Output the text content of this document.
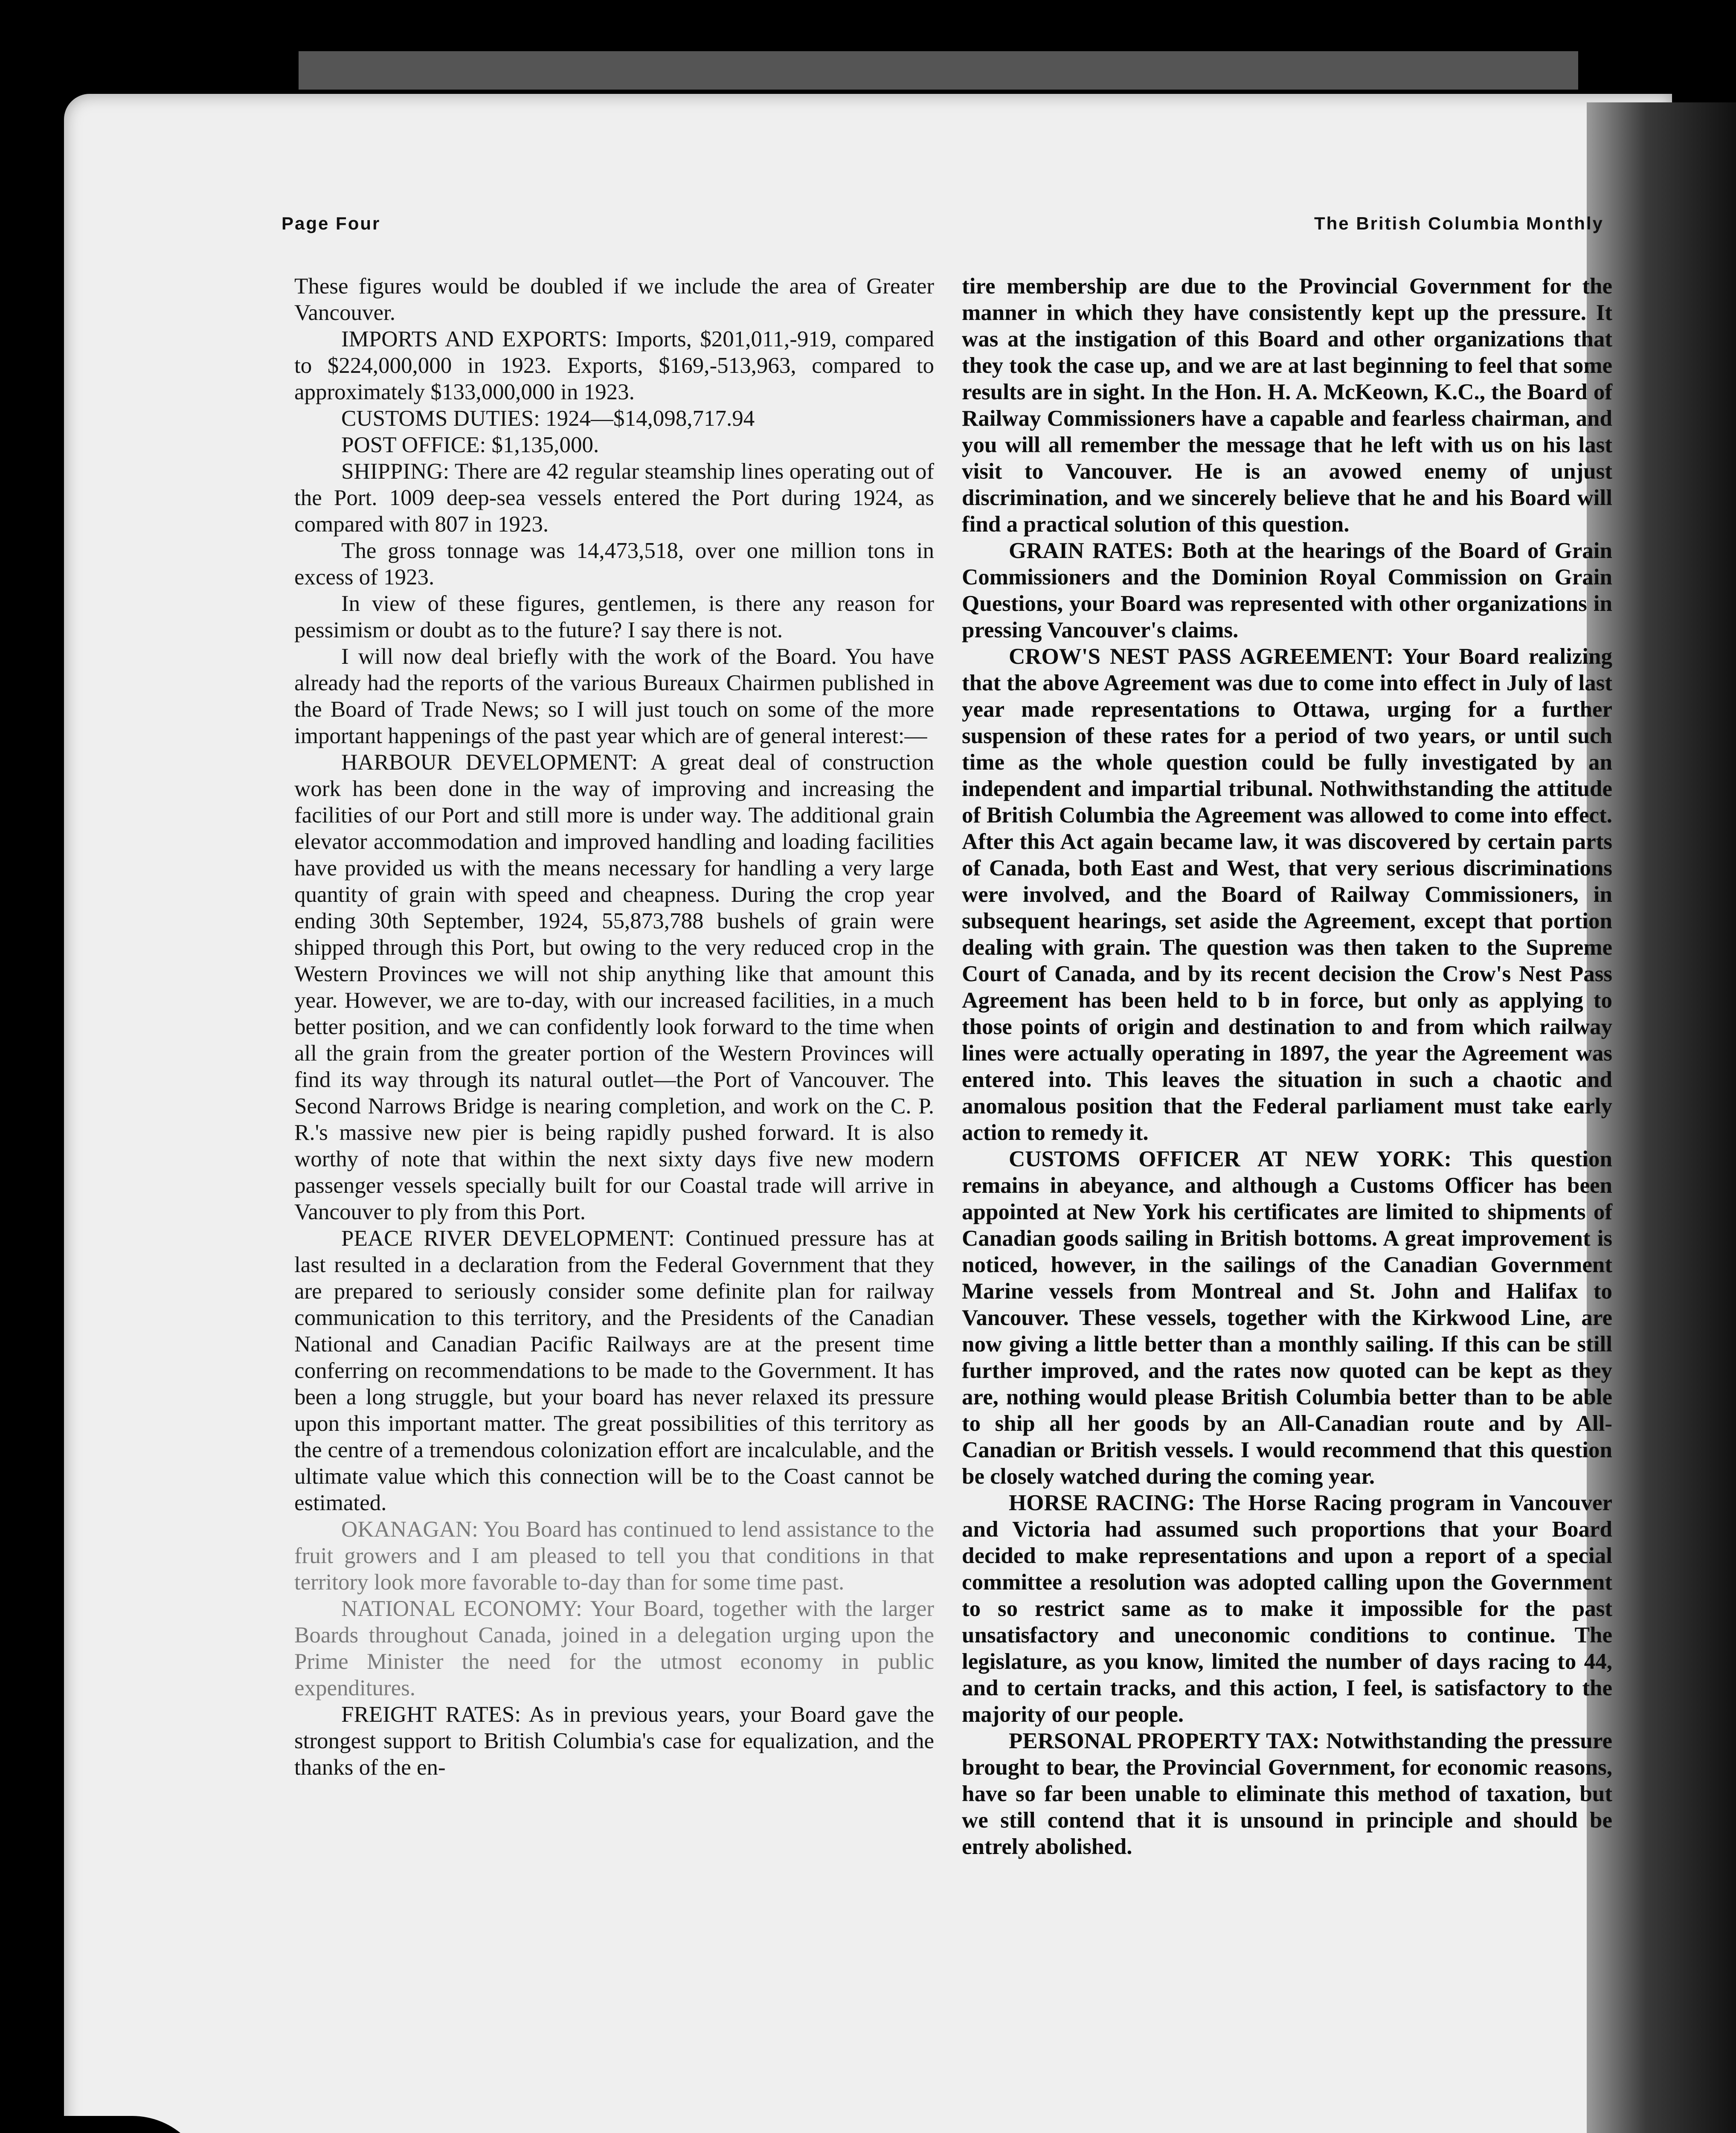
Page Four	The British Columbia Monthly

These figures would be doubled if we include the area of Greater Vancouver.

IMPORTS AND EXPORTS: Imports, $201,011,-919, compared to $224,000,000 in 1923. Exports, $169,-513,963, compared to approximately $133,000,000 in 1923.

CUSTOMS DUTIES: 1924—$14,098,717.94

POST OFFICE: $1,135,000.

SHIPPING: There are 42 regular steamship lines operating out of the Port. 1009 deep-sea vessels entered the Port during 1924, as compared with 807 in 1923.

The gross tonnage was 14,473,518, over one million tons in excess of 1923.

In view of these figures, gentlemen, is there any reason for pessimism or doubt as to the future? I say there is not.

I will now deal briefly with the work of the Board. You have already had the reports of the various Bureaux Chairmen published in the Board of Trade News; so I will just touch on some of the more important happenings of the past year which are of general interest:—

HARBOUR DEVELOPMENT: A great deal of construction work has been done in the way of improving and increasing the facilities of our Port and still more is under way. The additional grain elevator accommodation and improved handling and loading facilities have provided us with the means necessary for handling a very large quantity of grain with speed and cheapness. During the crop year ending 30th September, 1924, 55,873,788 bushels of grain were shipped through this Port, but owing to the very reduced crop in the Western Provinces we will not ship anything like that amount this year. However, we are to-day, with our increased facilities, in a much better position, and we can confidently look forward to the time when all the grain from the greater portion of the Western Provinces will find its way through its natural outlet—the Port of Vancouver. The Second Narrows Bridge is nearing completion, and work on the C. P. R.'s massive new pier is being rapidly pushed forward. It is also worthy of note that within the next sixty days five new modern passenger vessels specially built for our Coastal trade will arrive in Vancouver to ply from this Port.

PEACE RIVER DEVELOPMENT: Continued pressure has at last resulted in a declaration from the Federal Government that they are prepared to seriously consider some definite plan for railway communication to this territory, and the Presidents of the Canadian National and Canadian Pacific Railways are at the present time conferring on recommendations to be made to the Government. It has been a long struggle, but your board has never relaxed its pressure upon this important matter. The great possibilities of this territory as the centre of a tremendous colonization effort are incalculable, and the ultimate value which this connection will be to the Coast cannot be estimated.

OKANAGAN: You Board has continued to lend assistance to the fruit growers and I am pleased to tell you that conditions in that territory look more favorable to-day than for some time past.

NATIONAL ECONOMY: Your Board, together with the larger Boards throughout Canada, joined in a delegation urging upon the Prime Minister the need for the utmost economy in public expenditures.

FREIGHT RATES: As in previous years, your Board gave the strongest support to British Columbia's case for equalization, and the thanks of the en-

tire membership are due to the Provincial Government for the manner in which they have consistently kept up the pressure. It was at the instigation of this Board and other organizations that they took the case up, and we are at last beginning to feel that some results are in sight. In the Hon. H. A. McKeown, K.C., the Board of Railway Commissioners have a capable and fearless chairman, and you will all remember the message that he left with us on his last visit to Vancouver. He is an avowed enemy of unjust discrimination, and we sincerely believe that he and his Board will find a practical solution of this question.

GRAIN RATES: Both at the hearings of the Board of Grain Commissioners and the Dominion Royal Commission on Grain Questions, your Board was represented with other organizations in pressing Vancouver's claims.

CROW'S NEST PASS AGREEMENT: Your Board realizing that the above Agreement was due to come into effect in July of last year made representations to Ottawa, urging for a further suspension of these rates for a period of two years, or until such time as the whole question could be fully investigated by an independent and impartial tribunal. Nothwithstanding the attitude of British Columbia the Agreement was allowed to come into effect. After this Act again became law, it was discovered by certain parts of Canada, both East and West, that very serious discriminations were involved, and the Board of Railway Commissioners, in subsequent hearings, set aside the Agreement, except that portion dealing with grain. The question was then taken to the Supreme Court of Canada, and by its recent decision the Crow's Nest Pass Agreement has been held to b in force, but only as applying to those points of origin and destination to and from which railway lines were actually operating in 1897, the year the Agreement was entered into. This leaves the situation in such a chaotic and anomalous position that the Federal parliament must take early action to remedy it.

CUSTOMS OFFICER AT NEW YORK: This question remains in abeyance, and although a Customs Officer has been appointed at New York his certificates are limited to shipments of Canadian goods sailing in British bottoms. A great improvement is noticed, however, in the sailings of the Canadian Government Marine vessels from Montreal and St. John and Halifax to Vancouver. These vessels, together with the Kirkwood Line, are now giving a little better than a monthly sailing. If this can be still further improved, and the rates now quoted can be kept as they are, nothing would please British Columbia better than to be able to ship all her goods by an All-Canadian route and by All-Canadian or British vessels. I would recommend that this question be closely watched during the coming year.

HORSE RACING: The Horse Racing program in Vancouver and Victoria had assumed such proportions that your Board decided to make representations and upon a report of a special committee a resolution was adopted calling upon the Government to so restrict same as to make it impossible for the past unsatisfactory and uneconomic conditions to continue. The legislature, as you know, limited the number of days racing to 44, and to certain tracks, and this action, I feel, is satisfactory to the majority of our people.

PERSONAL PROPERTY TAX: Notwithstanding the pressure brought to bear, the Provincial Government, for economic reasons, have so far been unable to eliminate this method of taxation, but we still contend that it is unsound in principle and should be entrely abolished.
